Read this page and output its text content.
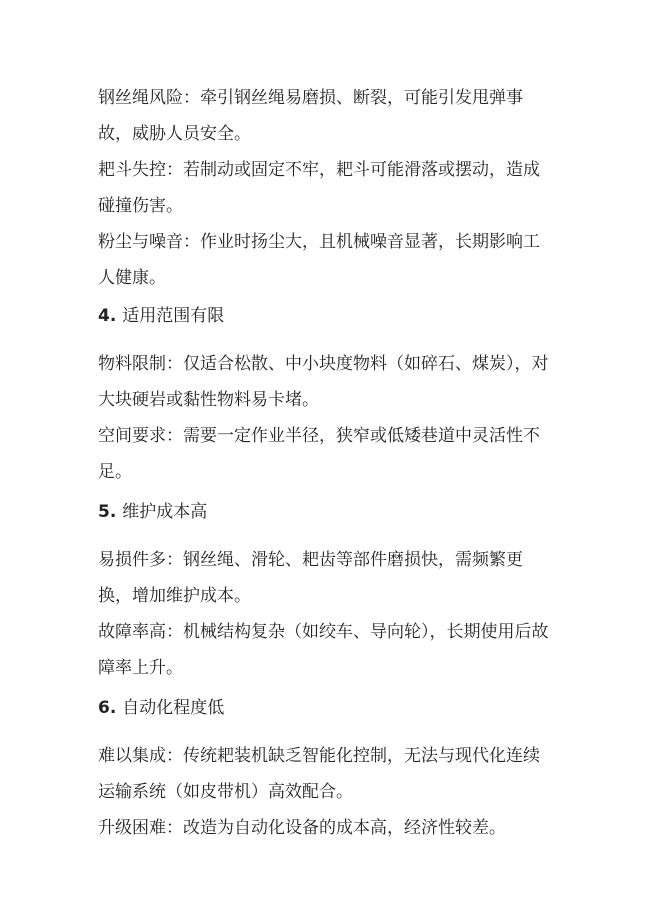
钢丝绳风险：牵引钢丝绳易磨损、断裂，可能引发甩弹事故，威胁人员安全。

耙斗失控：若制动或固定不牢，耙斗可能滑落或摆动，造成碰撞伤害。

粉尘与噪音：作业时扬尘大，且机械噪音显著，长期影响工人健康。

4. 适用范围有限

物料限制：仅适合松散、中小块度物料（如碎石、煤炭），对大块硬岩或黏性物料易卡堵。

空间要求：需要一定作业半径，狭窄或低矮巷道中灵活性不足。

5. 维护成本高

易损件多：钢丝绳、滑轮、耙齿等部件磨损快，需频繁更换，增加维护成本。

故障率高：机械结构复杂（如绞车、导向轮），长期使用后故障率上升。

6. 自动化程度低

难以集成：传统耙装机缺乏智能化控制，无法与现代化连续运输系统（如皮带机）高效配合。

升级困难：改造为自动化设备的成本高，经济性较差。
